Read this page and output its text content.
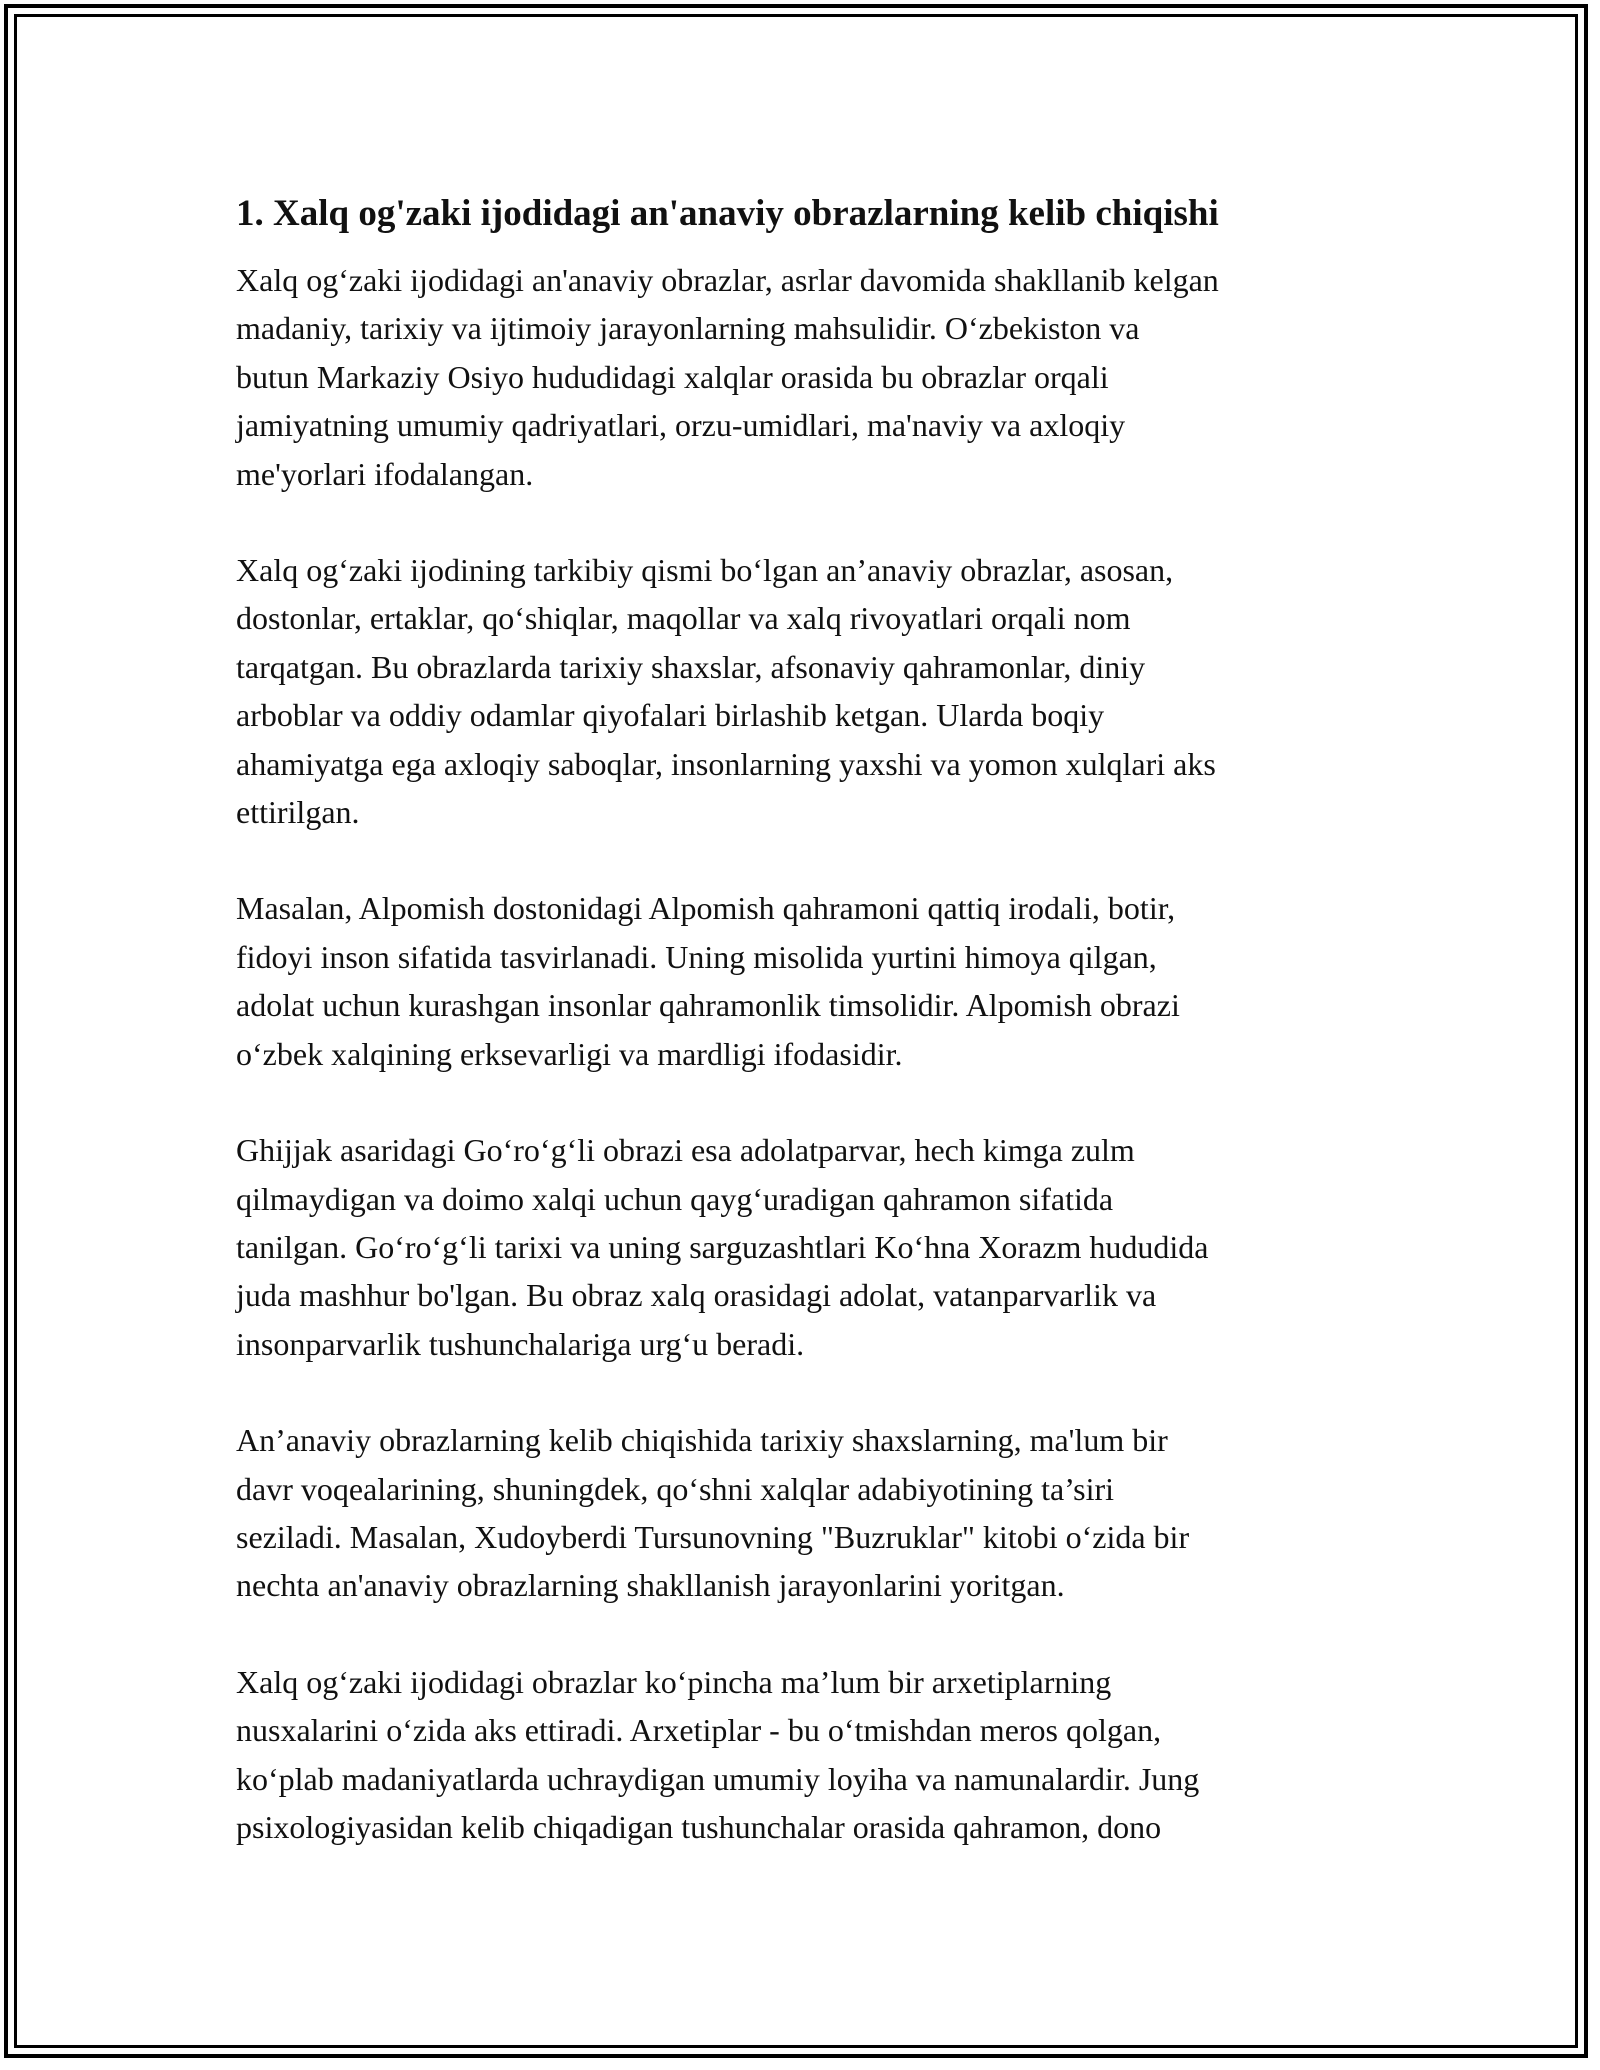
1. Xalq og'zaki ijodidagi an'anaviy obrazlarning kelib chiqishi
Xalq og‘zaki ijodidagi an'anaviy obrazlar, asrlar davomida shakllanib kelgan
madaniy, tarixiy va ijtimoiy jarayonlarning mahsulidir. O‘zbekiston va
butun Markaziy Osiyo hududidagi xalqlar orasida bu obrazlar orqali
jamiyatning umumiy qadriyatlari, orzu-umidlari, ma'naviy va axloqiy
me'yorlari ifodalangan.
Xalq og‘zaki ijodining tarkibiy qismi bo‘lgan an’anaviy obrazlar, asosan,
dostonlar, ertaklar, qo‘shiqlar, maqollar va xalq rivoyatlari orqali nom
tarqatgan. Bu obrazlarda tarixiy shaxslar, afsonaviy qahramonlar, diniy
arboblar va oddiy odamlar qiyofalari birlashib ketgan. Ularda boqiy
ahamiyatga ega axloqiy saboqlar, insonlarning yaxshi va yomon xulqlari aks
ettirilgan.
Masalan, Alpomish dostonidagi Alpomish qahramoni qattiq irodali, botir,
fidoyi inson sifatida tasvirlanadi. Uning misolida yurtini himoya qilgan,
adolat uchun kurashgan insonlar qahramonlik timsolidir. Alpomish obrazi
o‘zbek xalqining erksevarligi va mardligi ifodasidir.
Ghijjak asaridagi Go‘ro‘g‘li obrazi esa adolatparvar, hech kimga zulm
qilmaydigan va doimo xalqi uchun qayg‘uradigan qahramon sifatida
tanilgan. Go‘ro‘g‘li tarixi va uning sarguzashtlari Ko‘hna Xorazm hududida
juda mashhur bo'lgan. Bu obraz xalq orasidagi adolat, vatanparvarlik va
insonparvarlik tushunchalariga urg‘u beradi.
An’anaviy obrazlarning kelib chiqishida tarixiy shaxslarning, ma'lum bir
davr voqealarining, shuningdek, qo‘shni xalqlar adabiyotining ta’siri
seziladi. Masalan, Xudoyberdi Tursunovning "Buzruklar" kitobi o‘zida bir
nechta an'anaviy obrazlarning shakllanish jarayonlarini yoritgan.
Xalq og‘zaki ijodidagi obrazlar ko‘pincha ma’lum bir arxetiplarning
nusxalarini o‘zida aks ettiradi. Arxetiplar - bu o‘tmishdan meros qolgan,
ko‘plab madaniyatlarda uchraydigan umumiy loyiha va namunalardir. Jung
psixologiyasidan kelib chiqadigan tushunchalar orasida qahramon, dono
